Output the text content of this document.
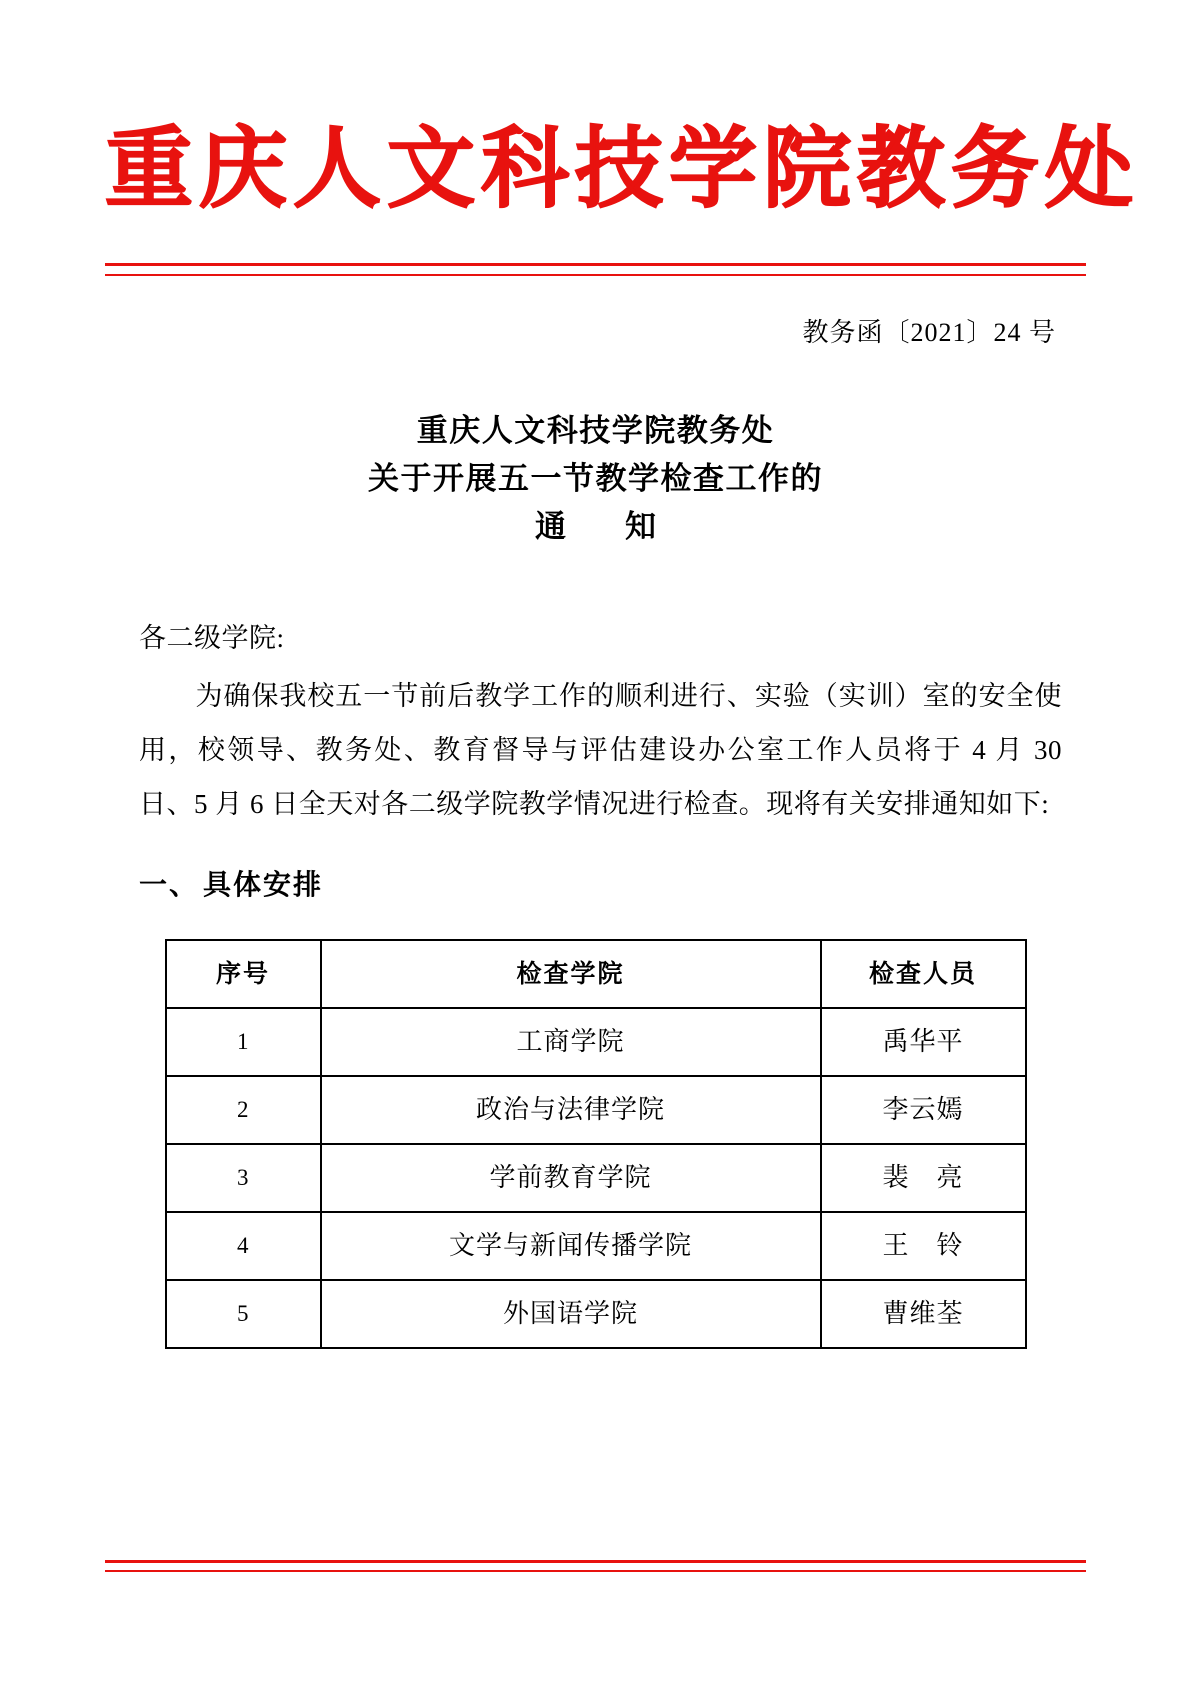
重庆人文科技学院教务处
教务函〔2021〕24 号
重庆人文科技学院教务处
关于开展五一节教学检查工作的
通　知
各二级学院:
为确保我校五一节前后教学工作的顺利进行、实验（实训）室的安全使用，校领导、教务处、教育督导与评估建设办公室工作人员将于 4 月 30 日、5 月 6 日全天对各二级学院教学情况进行检查。现将有关安排通知如下:
一、 具体安排
序号	检查学院	检查人员
1	工商学院	禹华平
2	政治与法律学院	李云嫣
3	学前教育学院	裴　亮
4	文学与新闻传播学院	王　铃
5	外国语学院	曹维荃
